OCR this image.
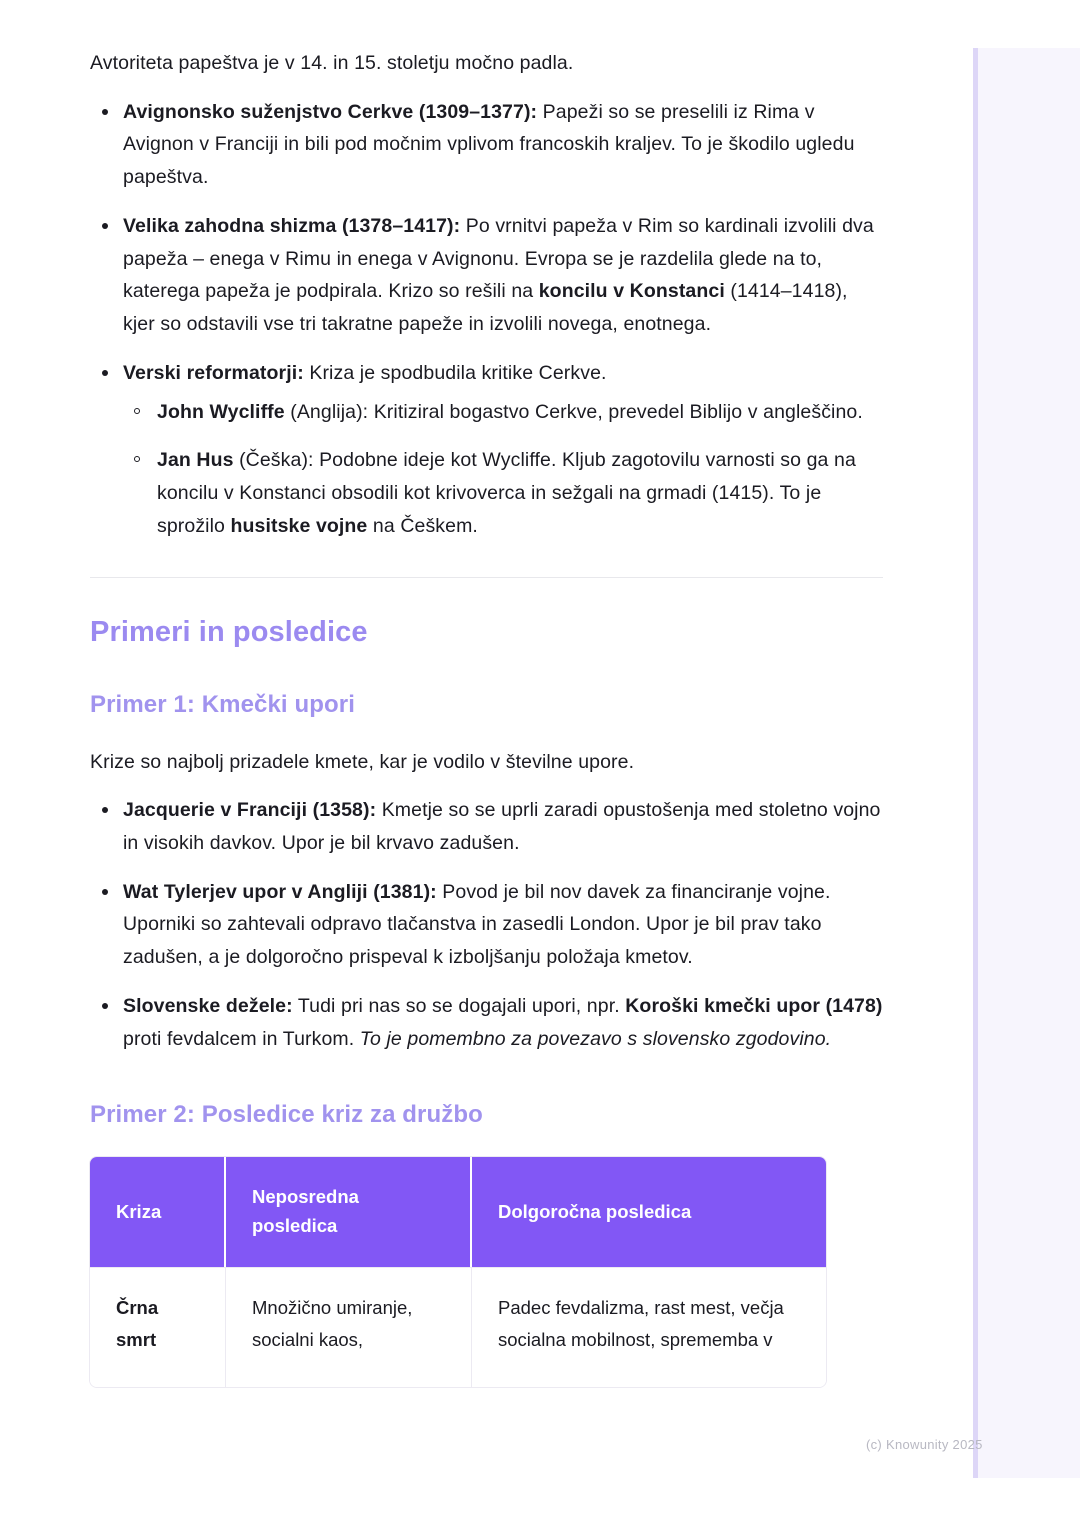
Avtoriteta papeštva je v 14. in 15. stoletju močno padla.

Avignonsko suženjstvo Cerkve (1309–1377): Papeži so se preselili iz Rima v Avignon v Franciji in bili pod močnim vplivom francoskih kraljev. To je škodilo ugledu papeštva.
Velika zahodna shizma (1378–1417): Po vrnitvi papeža v Rim so kardinali izvolili dva papeža – enega v Rimu in enega v Avignonu. Evropa se je razdelila glede na to, katerega papeža je podpirala. Krizo so rešili na koncilu v Konstanci (1414–1418), kjer so odstavili vse tri takratne papeže in izvolili novega, enotnega.
Verski reformatorji: Kriza je spodbudila kritike Cerkve.
John Wycliffe (Anglija): Kritiziral bogastvo Cerkve, prevedel Biblijo v angleščino.
Jan Hus (Češka): Podobne ideje kot Wycliffe. Kljub zagotovilu varnosti so ga na koncilu v Konstanci obsodili kot krivoverca in sežgali na grmadi (1415). To je sprožilo husitske vojne na Češkem.
Primeri in posledice
Primer 1: Kmečki upori

Krize so najbolj prizadele kmete, kar je vodilo v številne upore.

Jacquerie v Franciji (1358): Kmetje so se uprli zaradi opustošenja med stoletno vojno in visokih davkov. Upor je bil krvavo zadušen.
Wat Tylerjev upor v Angliji (1381): Povod je bil nov davek za financiranje vojne. Uporniki so zahtevali odpravo tlačanstva in zasedli London. Upor je bil prav tako zadušen, a je dolgoročno prispeval k izboljšanju položaja kmetov.
Slovenske dežele: Tudi pri nas so se dogajali upori, npr. Koroški kmečki upor (1478) proti fevdalcem in Turkom. To je pomembno za povezavo s slovensko zgodovino.
Primer 2: Posledice kriz za družbo
Kriza	Neposredna posledica	Dolgoročna posledica
Črna smrt	Množično umiranje, socialni kaos,	Padec fevdalizma, rast mest, večja socialna mobilnost, sprememba v
(c) Knowunity 2025
